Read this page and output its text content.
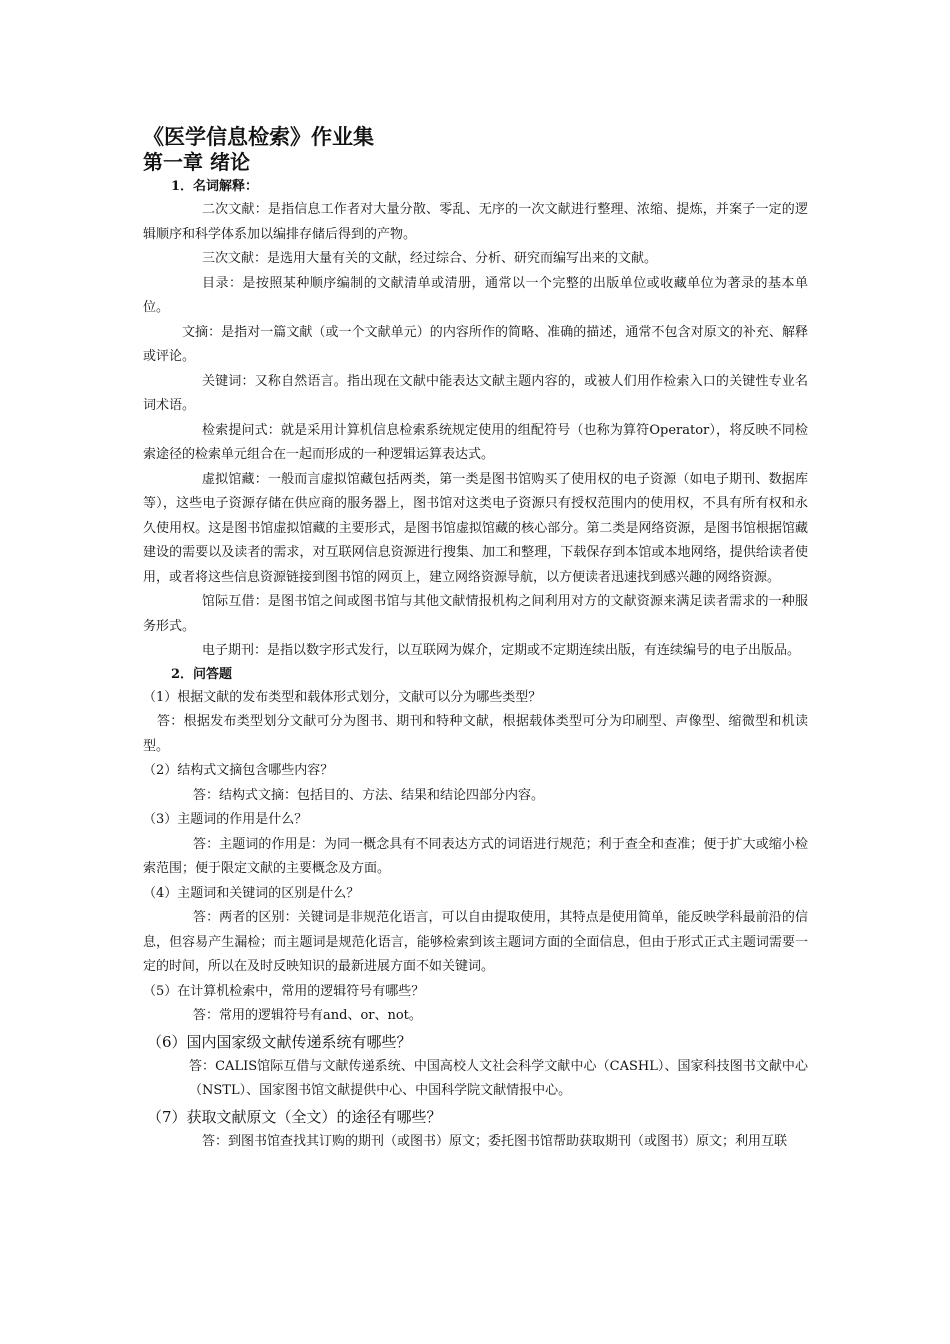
《医学信息检索》作业集

第一章 绪论

1．名词解释：

二次文献：是指信息工作者对大量分散、零乱、无序的一次文献进行整理、浓缩、提炼，并案子一定的逻辑顺序和科学体系加以编排存储后得到的产物。

三次文献：是选用大量有关的文献，经过综合、分析、研究而编写出来的文献。

目录：是按照某种顺序编制的文献清单或清册，通常以一个完整的出版单位或收藏单位为著录的基本单位。

文摘：是指对一篇文献（或一个文献单元）的内容所作的简略、准确的描述，通常不包含对原文的补充、解释或评论。

关键词：又称自然语言。指出现在文献中能表达文献主题内容的，或被人们用作检索入口的关键性专业名词术语。

检索提问式：就是采用计算机信息检索系统规定使用的组配符号（也称为算符Operator），将反映不同检索途径的检索单元组合在一起而形成的一种逻辑运算表达式。

虚拟馆藏：一般而言虚拟馆藏包括两类，第一类是图书馆购买了使用权的电子资源（如电子期刊、数据库等），这些电子资源存储在供应商的服务器上，图书馆对这类电子资源只有授权范围内的使用权，不具有所有权和永久使用权。这是图书馆虚拟馆藏的主要形式，是图书馆虚拟馆藏的核心部分。第二类是网络资源，是图书馆根据馆藏建设的需要以及读者的需求，对互联网信息资源进行搜集、加工和整理，下载保存到本馆或本地网络，提供给读者使用，或者将这些信息资源链接到图书馆的网页上，建立网络资源导航，以方便读者迅速找到感兴趣的网络资源。

馆际互借：是图书馆之间或图书馆与其他文献情报机构之间利用对方的文献资源来满足读者需求的一种服务形式。

电子期刊：是指以数字形式发行，以互联网为媒介，定期或不定期连续出版，有连续编号的电子出版品。

2．问答题

（1）根据文献的发布类型和载体形式划分，文献可以分为哪些类型？

答：根据发布类型划分文献可分为图书、期刊和特种文献，根据载体类型可分为印刷型、声像型、缩微型和机读型。

（2）结构式文摘包含哪些内容？

答：结构式文摘：包括目的、方法、结果和结论四部分内容。

（3）主题词的作用是什么？

答：主题词的作用是：为同一概念具有不同表达方式的词语进行规范；利于查全和查准；便于扩大或缩小检索范围；便于限定文献的主要概念及方面。

（4）主题词和关键词的区别是什么？

答：两者的区别：关键词是非规范化语言，可以自由提取使用，其特点是使用简单，能反映学科最前沿的信息，但容易产生漏检；而主题词是规范化语言，能够检索到该主题词方面的全面信息，但由于形式正式主题词需要一定的时间，所以在及时反映知识的最新进展方面不如关键词。

（5）在计算机检索中，常用的逻辑符号有哪些？

答：常用的逻辑符号有and、or、not。

（6）国内国家级文献传递系统有哪些？

答：CALIS馆际互借与文献传递系统、中国高校人文社会科学文献中心（CASHL）、国家科技图书文献中心（NSTL）、国家图书馆文献提供中心、中国科学院文献情报中心。

（7）获取文献原文（全文）的途径有哪些？

答：到图书馆查找其订购的期刊（或图书）原文；委托图书馆帮助获取期刊（或图书）原文；利用互联
